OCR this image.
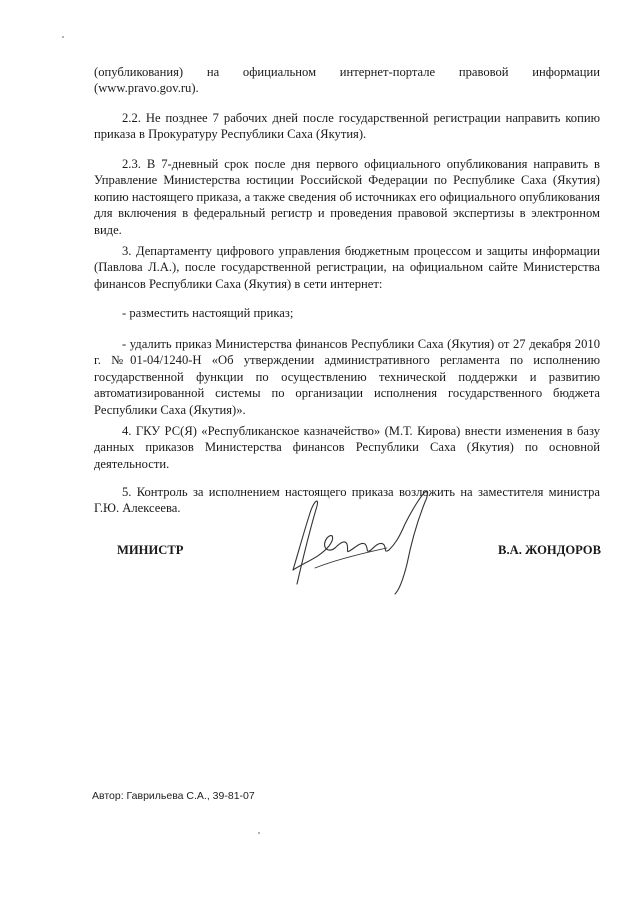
(опубликования) на официальном интернет-портале правовой информации

(www.pravo.gov.ru).

2.2. Не позднее 7 рабочих дней после государственной регистрации направить копию приказа в Прокуратуру Республики Саха (Якутия).

2.3. В 7-дневный срок после дня первого официального опубликования направить в Управление Министерства юстиции Российской Федерации по Республике Саха (Якутия) копию настоящего приказа, а также сведения об источниках его официального опубликования для включения в федеральный регистр и проведения правовой экспертизы в электронном виде.

3. Департаменту цифрового управления бюджетным процессом и защиты информации (Павлова Л.А.), после государственной регистрации, на официальном сайте Министерства финансов Республики Саха (Якутия) в сети интернет:

- разместить настоящий приказ;

- удалить приказ Министерства финансов Республики Саха (Якутия) от 27 декабря 2010 г. №01-04/1240-Н «Об утверждении административного регламента по исполнению государственной функции по осуществлению технической поддержки и развитию автоматизированной системы по организации исполнения государственного бюджета Республики Саха (Якутия)».

4. ГКУ РС(Я) «Республиканское казначейство» (М.Т. Кирова) внести изменения в базу данных приказов Министерства финансов Республики Саха (Якутия) по основной деятельности.

5. Контроль за исполнением настоящего приказа возложить на заместителя министра Г.Ю. Алексеева.

МИНИСТР	В.А. ЖОНДОРОВ
Автор: Гаврильева С.А., 39-81-07
